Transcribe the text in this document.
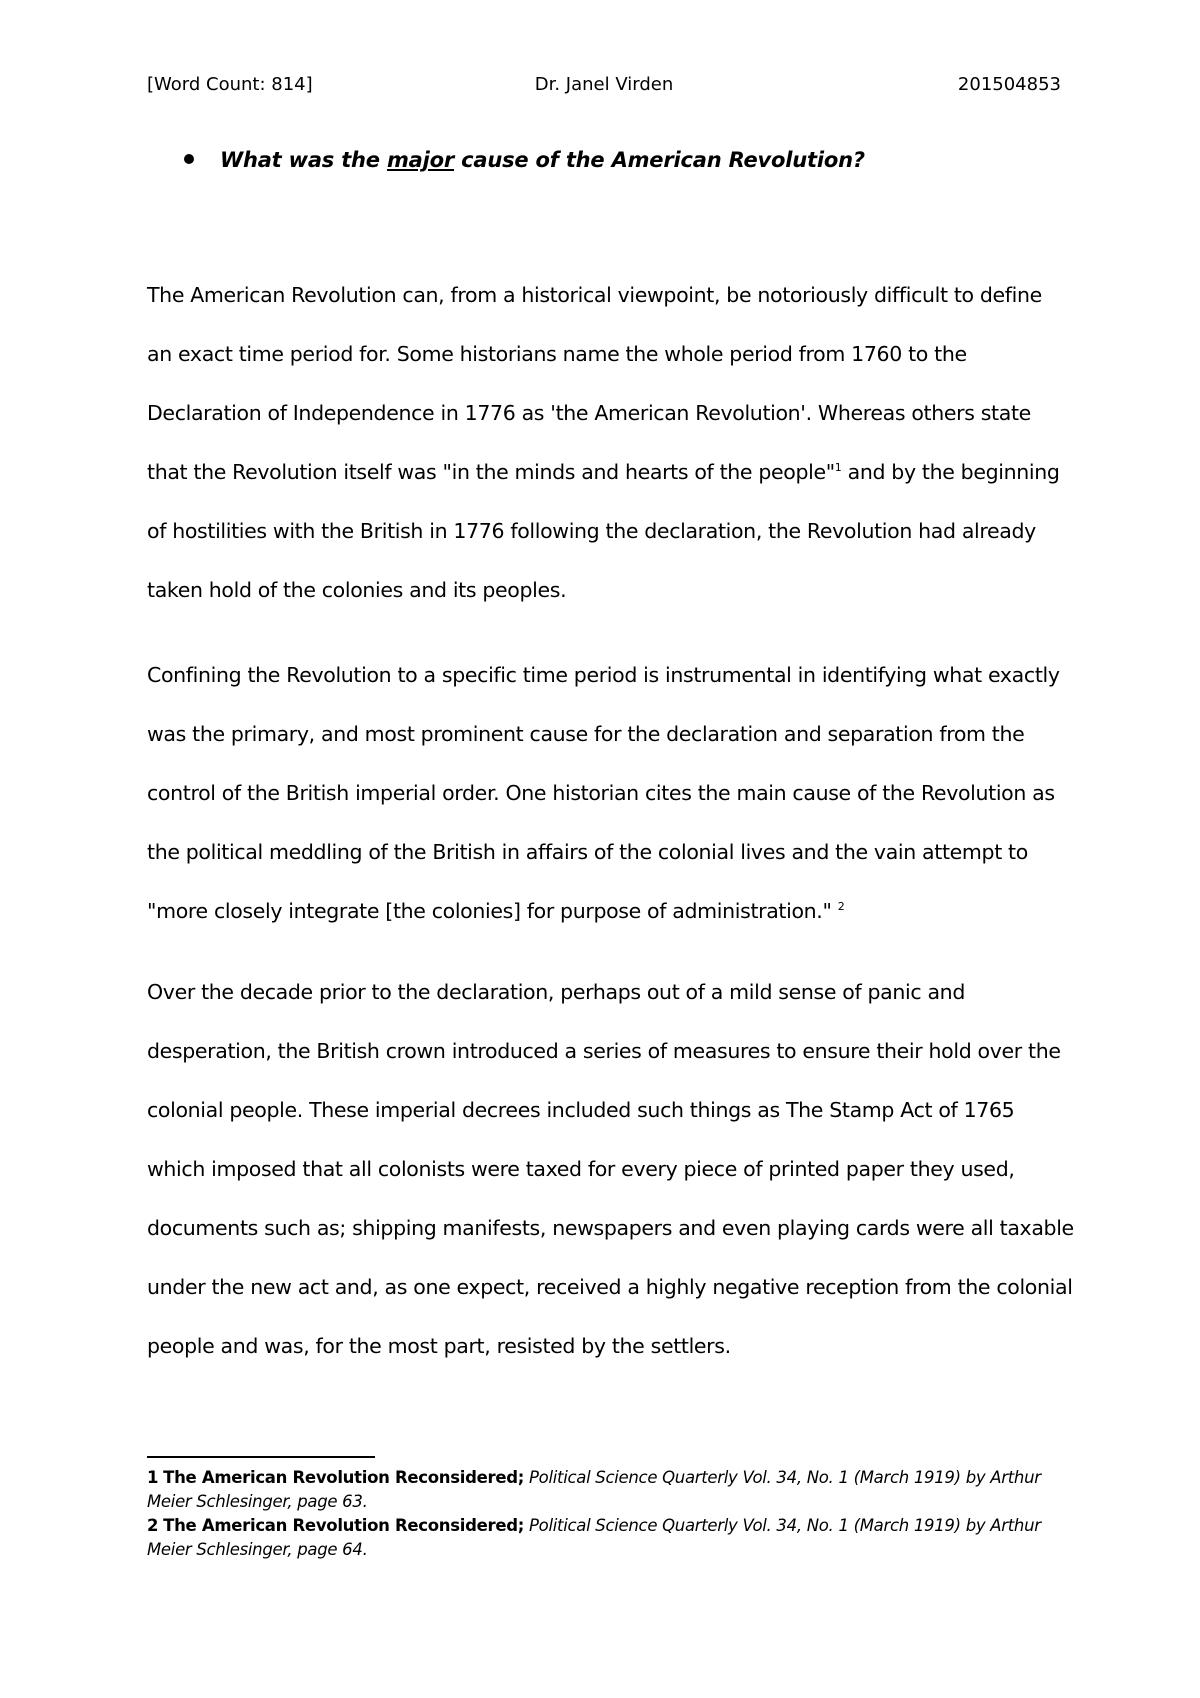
[Word Count: 814]	Dr. Janel Virden	201504853
What was the major cause of the American Revolution?
The American Revolution can, from a historical viewpoint, be notoriously difficult to define
an exact time period for. Some historians name the whole period from 1760 to the
Declaration of Independence in 1776 as 'the American Revolution'. Whereas others state
that the Revolution itself was "in the minds and hearts of the people"$^1$ and by the beginning
of hostilities with the British in 1776 following the declaration, the Revolution had already
taken hold of the colonies and its peoples.
Confining the Revolution to a specific time period is instrumental in identifying what exactly
was the primary, and most prominent cause for the declaration and separation from the
control of the British imperial order. One historian cites the main cause of the Revolution as
the political meddling of the British in affairs of the colonial lives and the vain attempt to
"more closely integrate [the colonies] for purpose of administration." $^2$
Over the decade prior to the declaration, perhaps out of a mild sense of panic and
desperation, the British crown introduced a series of measures to ensure their hold over the
colonial people. These imperial decrees included such things as The Stamp Act of 1765
which imposed that all colonists were taxed for every piece of printed paper they used,
documents such as; shipping manifests, newspapers and even playing cards were all taxable
under the new act and, as one expect, received a highly negative reception from the colonial
people and was, for the most part, resisted by the settlers.
1 The American Revolution Reconsidered; Political Science Quarterly Vol. 34, No. 1 (March 1919) by Arthur
Meier Schlesinger, page 63.
2 The American Revolution Reconsidered; Political Science Quarterly Vol. 34, No. 1 (March 1919) by Arthur
Meier Schlesinger, page 64.
